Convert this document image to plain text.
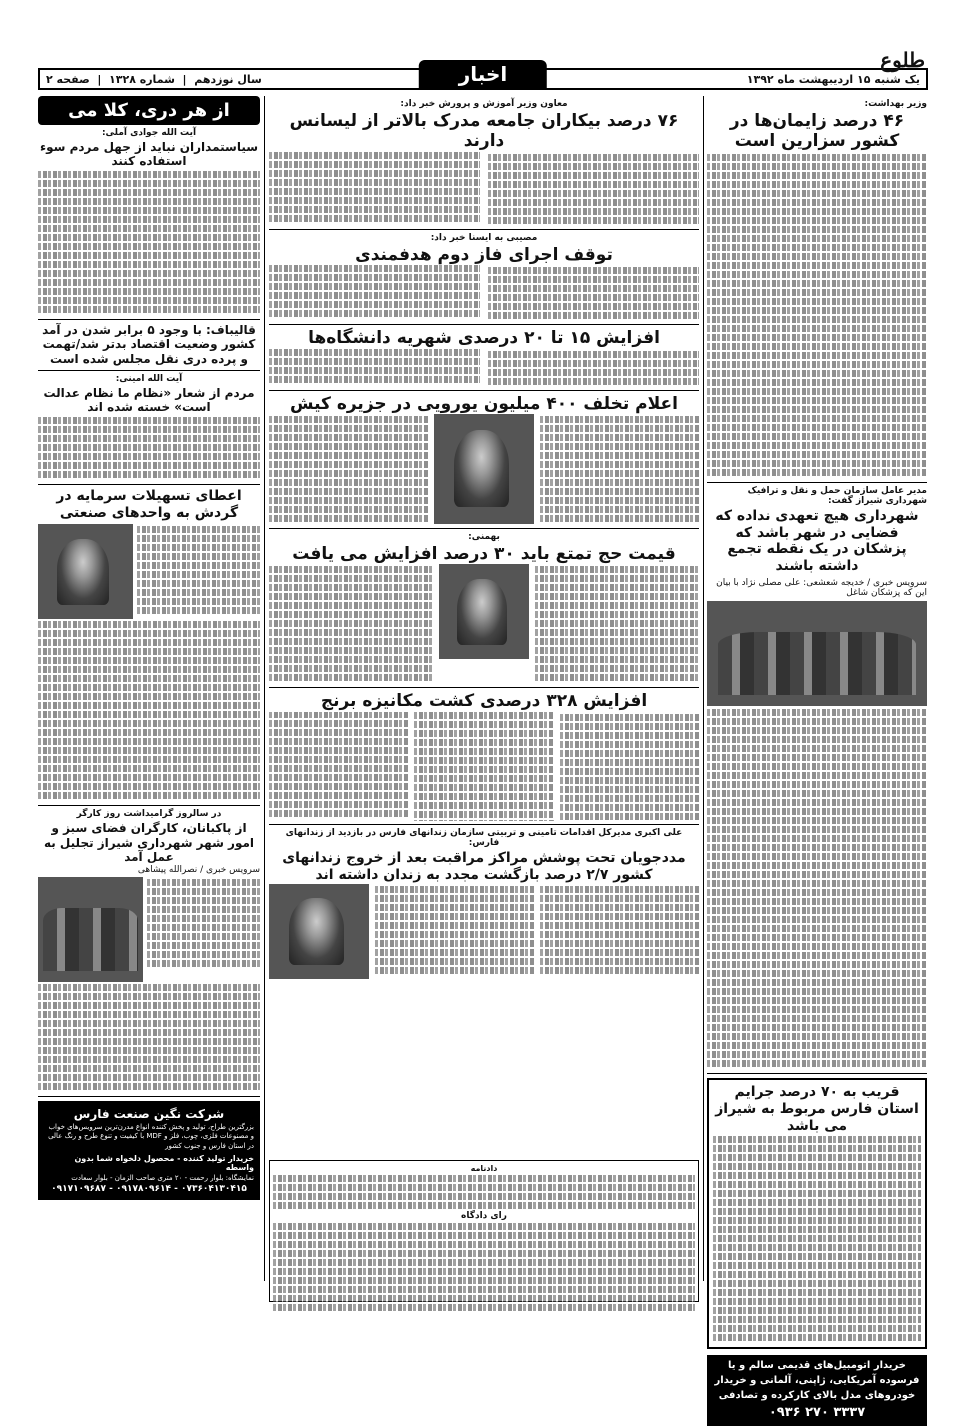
یک شنبه ۱۵ اردیبهشت ماه ۱۳۹۲
اخبار
صفحه ۲ | شماره ۱۳۲۸ | سال نوزدهم
طلوع
وزیر بهداشت:
۴۶ درصد زایمان‌ها در کشور سزارین است
مدیر عامل سازمان حمل و نقل و ترافیک شهرداری شیراز گفت:
شهرداری هیچ تعهدی نداده که فضایی در شهر باشد که پزشکان در یک نقطه تجمع داشته باشند
سرویس خبری / خدیجه شعشعی: علی مصلی نژاد با بیان این که پزشکان شاغل
قریب به ۷۰ درصد جرایم استان فارس مربوط به شیراز می باشد
خریدار اتومبیل‌های قدیمی سالم و یا فرسوده آمریکایی، ژاپنی، آلمانی و خریدار خودروهای مدل بالای کارکرده و تصادفی
۰۹۳۶ ۲۷۰ ۳۳۳۷
معاون وزیر آموزش و پرورش خبر داد:
۷۶ درصد بیکاران جامعه مدرک بالاتر از لیسانس دارند
مصیبی به ایسنا خبر داد:
توقف اجرای فاز دوم هدفمندی
افزایش ۱۵ تا ۲۰ درصدی شهریه دانشگاه‌ها
اعلام تخلف ۴۰۰ میلیون یورویی در جزیره کیش
بهمنی:
قیمت حج تمتع باید ۳۰ درصد افزایش می یافت
افزایش ۳۲۸ درصدی کشت مکانیزه برنج
علی اکبری مدیرکل اقدامات تامینی و تربیتی سازمان زندانهای فارس در بازدید از زندانهای فارس:
مددجویان تحت پوشش مراکز مراقبت بعد از خروج زندانهای کشور ۲/۷ درصد بازگشت مجدد به زندان داشته اند
دادنامه
رای دادگاه
از هر دری، کلا می
آیت الله جوادی آملی:
سیاستمداران نباید از جهل مردم سوء استفاده کنند
قالیباف: با وجود ۵ برابر شدن در آمد کشور وضعیت اقتصاد بدتر شد/تهمت و پرده دری نقل مجلس شده است
آیت الله امینی:
مردم از شعار «نظام ما نظام عدالت است» خسته شده اند
اعطای تسهیلات سرمایه در گردش به واحدهای صنعتی
در سالروز گرامیداشت روز کارگر
از پاکبانان، کارگران فضای سبز و امور شهر شهرداری شیراز تجلیل به عمل آمد
سرویس خبری / نصرالله پیشاهی
شرکت نگین صنعت فارس
بزرگترین طراح، تولید و پخش کننده انواع مدرن‌ترین سرویس‌های خواب و مصنوعات فلزی، چوب، فلز و MDF با کیفیت و تنوع طرح و رنگ عالی در استان فارس و جنوب کشور
خریدار تولید کننده - محصول دلخواه شما بدون واسطه
نمایشگاه: بلوار رحمت - ۲۰ متری صاحب الزمان - بلوار سعادت
۰۹۱۷۱۰۹۶۸۷ - ۰۹۱۷۸۰۹۶۱۴ - ۰۷۳۶۰۴۱۳۰۴۱۵
